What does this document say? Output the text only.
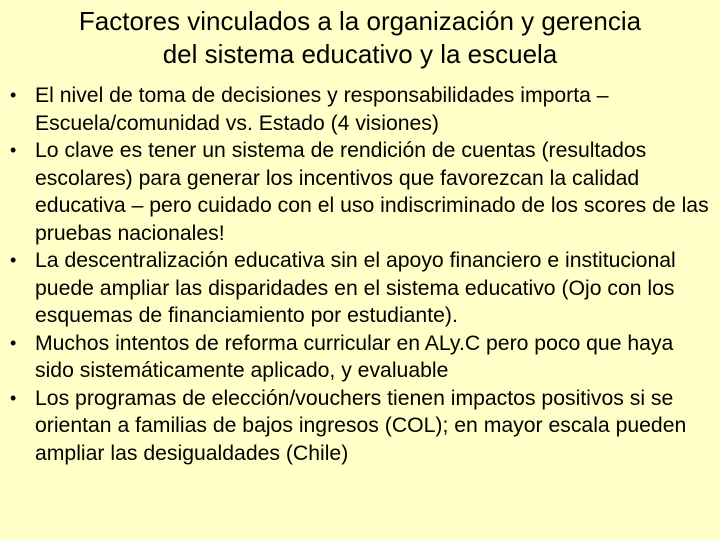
Factores vinculados a la organización y gerencia
del sistema educativo y la escuela
• El nivel de toma de decisiones y responsabilidades importa – Escuela/comunidad vs. Estado (4 visiones)
• Lo clave es tener un sistema de rendición de cuentas (resultados escolares) para generar los incentivos que favorezcan la calidad educativa – pero cuidado con el uso indiscriminado de los scores de las pruebas nacionales!
• La descentralización educativa sin el apoyo financiero e institucional puede ampliar las disparidades en el sistema educativo (Ojo con los esquemas de financiamiento por estudiante).
• Muchos intentos de reforma curricular en ALy.C pero poco que haya sido sistemáticamente aplicado, y evaluable
• Los programas de elección/vouchers tienen impactos positivos si se orientan a familias de bajos ingresos (COL); en mayor escala pueden ampliar las desigualdades (Chile)
